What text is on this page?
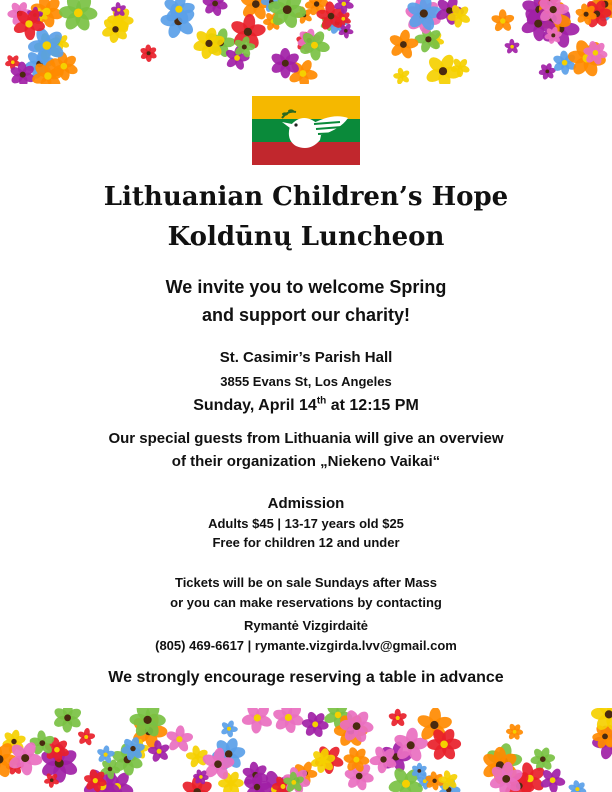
Lithuanian Children’s Hope
Koldūnų Luncheon
We invite you to welcome Spring
and support our charity!
St. Casimir’s Parish Hall
3855 Evans St, Los Angeles
Sunday, April 14th at 12:15 PM
Our special guests from Lithuania will give an overview
of their organization „Niekeno Vaikai“
Admission
Adults $45 | 13-17 years old $25
Free for children 12 and under
Tickets will be on sale Sundays after Mass
or you can make reservations by contacting
Rymantė Vizgirdaitė
(805) 469-6617 | rymante.vizgirda.lvv@gmail.com
We strongly encourage reserving a table in advance
